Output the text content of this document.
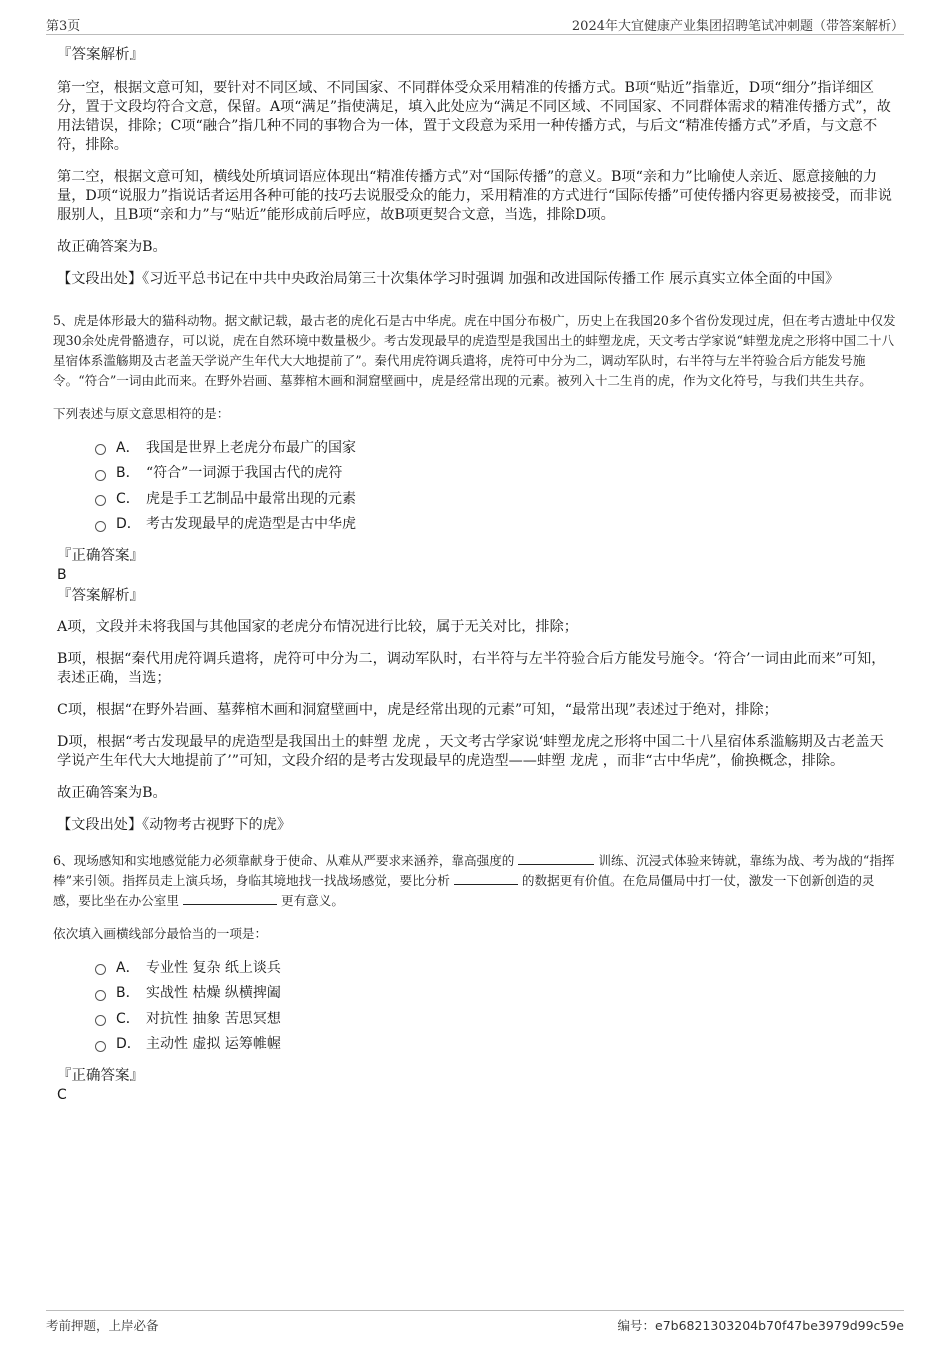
第3页	2024年大宜健康产业集团招聘笔试冲刺题（带答案解析）

『答案解析』

第一空，根据文意可知，要针对不同区域、不同国家、不同群体受众采用精准的传播方式。B项“贴近”指靠近，D项“细分”指详细区分，置于文段均符合文意，保留。A项“满足”指使满足，填入此处应为“满足不同区域、不同国家、不同群体需求的精准传播方式”，故用法错误，排除；C项“融合”指几种不同的事物合为一体，置于文段意为采用一种传播方式，与后文“精准传播方式”矛盾，与文意不符，排除。

第二空，根据文意可知，横线处所填词语应体现出“精准传播方式”对“国际传播”的意义。B项“亲和力”比喻使人亲近、愿意接触的力量，D项“说服力”指说话者运用各种可能的技巧去说服受众的能力，采用精准的方式进行“国际传播”可使传播内容更易被接受，而非说服别人，且B项“亲和力”与“贴近”能形成前后呼应，故B项更契合文意，当选，排除D项。

故正确答案为B。

【文段出处】《习近平总书记在中共中央政治局第三十次集体学习时强调 加强和改进国际传播工作 展示真实立体全面的中国》

5、虎是体形最大的猫科动物。据文献记载，最古老的虎化石是古中华虎。虎在中国分布极广，历史上在我国20多个省份发现过虎，但在考古遗址中仅发现30余处虎骨骼遗存，可以说，虎在自然环境中数量极少。考古发现最早的虎造型是我国出土的蚌塑龙虎，天文考古学家说“蚌塑龙虎之形将中国二十八星宿体系滥觞期及古老盖天学说产生年代大大地提前了”。秦代用虎符调兵遣将，虎符可中分为二，调动军队时，右半符与左半符验合后方能发号施令。“符合”一词由此而来。在野外岩画、墓葬棺木画和洞窟壁画中，虎是经常出现的元素。被列入十二生肖的虎，作为文化符号，与我们共生共存。

下列表述与原文意思相符的是：

A． 我国是世界上老虎分布最广的国家
B． “符合”一词源于我国古代的虎符
C． 虎是手工艺制品中最常出现的元素
D． 考古发现最早的虎造型是古中华虎

『正确答案』

B

『答案解析』

A项，文段并未将我国与其他国家的老虎分布情况进行比较，属于无关对比，排除；

B项，根据“秦代用虎符调兵遣将，虎符可中分为二，调动军队时，右半符与左半符验合后方能发号施令。‘符合’一词由此而来”可知，表述正确，当选；

C项，根据“在野外岩画、墓葬棺木画和洞窟壁画中，虎是经常出现的元素”可知，“最常出现”表述过于绝对，排除；

D项，根据“考古发现最早的虎造型是我国出土的蚌塑 龙虎 ，天文考古学家说‘蚌塑龙虎之形将中国二十八星宿体系滥觞期及古老盖天学说产生年代大大地提前了’”可知，文段介绍的是考古发现最早的虎造型——蚌塑 龙虎 ，而非“古中华虎”，偷换概念，排除。

故正确答案为B。

【文段出处】《动物考古视野下的虎》

6、现场感知和实地感觉能力必须靠献身于使命、从难从严要求来涵养，靠高强度的	训练、沉浸式体验来铸就，靠练为战、考为战的“指挥棒”来引领。指挥员走上演兵场，身临其境地找一找战场感觉，要比分析	的数据更有价值。在危局僵局中打一仗，激发一下创新创造的灵感，要比坐在办公室里	更有意义。

依次填入画横线部分最恰当的一项是：

A． 专业性 复杂 纸上谈兵
B． 实战性 枯燥 纵横捭阖
C． 对抗性 抽象 苦思冥想
D． 主动性 虚拟 运筹帷幄

『正确答案』

C

考前押题，上岸必备	编号：e7b6821303204b70f47be3979d99c59e
